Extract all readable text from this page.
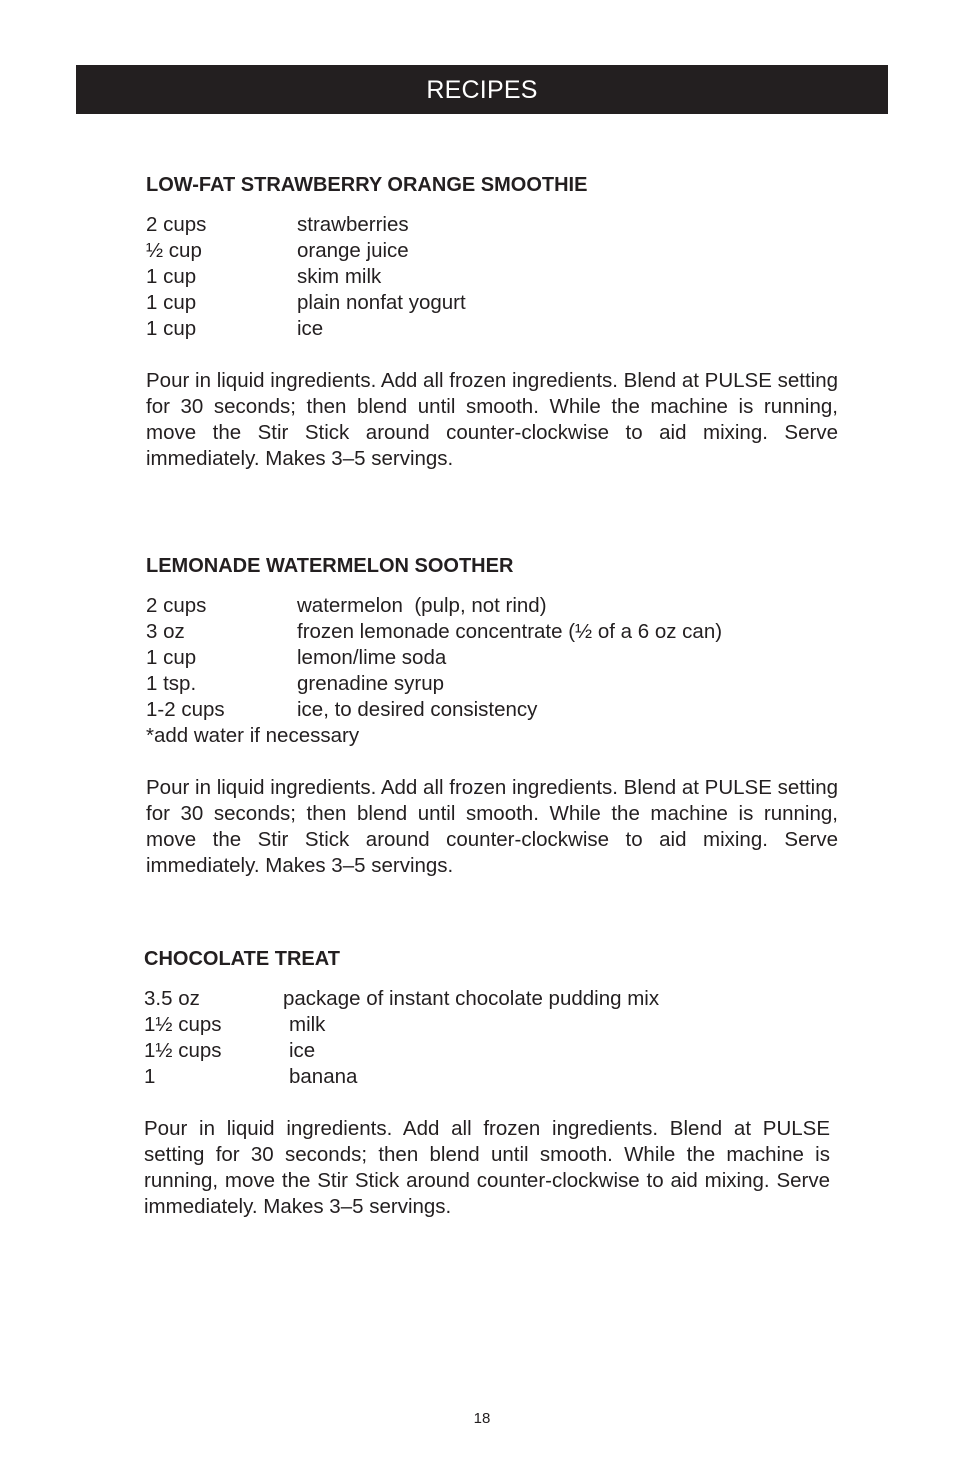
RECIPES
LOW-FAT STRAWBERRY ORANGE SMOOTHIE
2 cups	strawberries
½ cup	orange juice
1 cup	skim milk
1 cup	plain nonfat yogurt
1 cup	ice

Pour in liquid ingredients. Add all frozen ingredients. Blend at PULSE setting for 30 seconds; then blend until smooth. While the machine is running, move the Stir Stick around counter-clockwise to aid mixing. Serve immediately. Makes 3–5 servings.

LEMONADE WATERMELON SOOTHER
2 cups	watermelon  (pulp, not rind)
3 oz	frozen lemonade concentrate (½ of a 6 oz can)
1 cup	lemon/lime soda
1 tsp.	grenadine syrup
1-2 cups	ice, to desired consistency
*add water if necessary

Pour in liquid ingredients. Add all frozen ingredients. Blend at PULSE setting for 30 seconds; then blend until smooth. While the machine is running, move the Stir Stick around counter-clockwise to aid mixing. Serve immediately. Makes 3–5 servings.

CHOCOLATE TREAT
3.5 oz	package of instant chocolate pudding mix
1½ cups	milk
1½ cups	ice
1	banana

Pour in liquid ingredients. Add all frozen ingredients. Blend at PULSE setting for 30 seconds; then blend until smooth. While the machine is running, move the Stir Stick around counter-clockwise to aid mixing. Serve immediately. Makes 3–5 servings.

18
